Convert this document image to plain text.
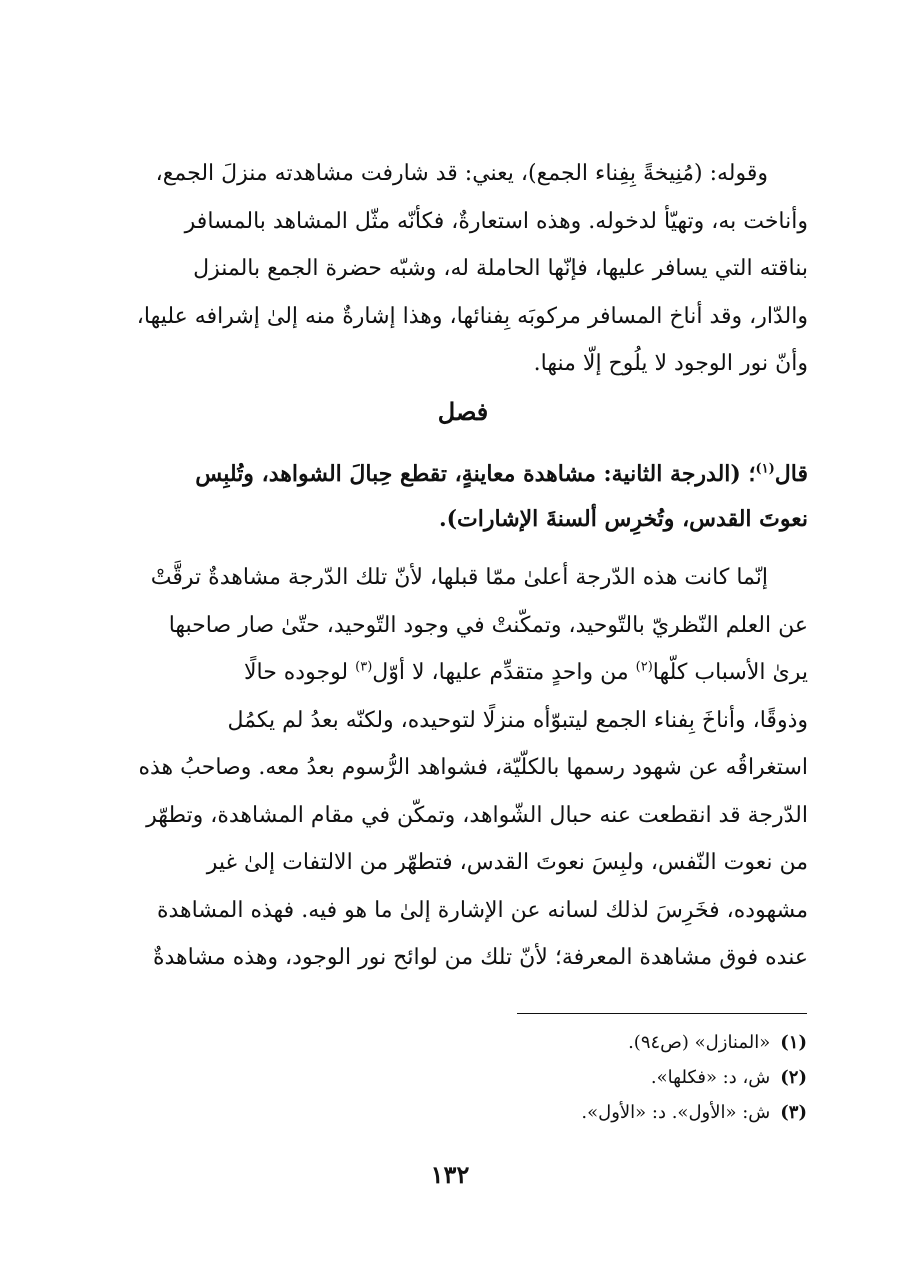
وقوله: (مُنِيخةً بِفِناء الجمع)، يعني: قد شارفت مشاهدته منزلَ الجمع،
وأناخت به، وتهيّأ لدخوله. وهذه استعارةٌ، فكأنّه مثّل المشاهد بالمسافر
بناقته التي يسافر عليها، فإنّها الحاملة له، وشبّه حضرة الجمع بالمنزل
والدّار، وقد أناخ المسافر مركوبَه بِفنائها، وهذا إشارةٌ منه إلىٰ إشرافه عليها،
وأنّ نور الوجود لا يلُوح إلّا منها.
فصل
قال$^{(١)}$؛ (الدرجة الثانية: مشاهدة معاينةٍ، تقطع حِبالَ الشواهد، وتُلبِس
نعوتَ القدس، وتُخرِس ألسنةَ الإشارات).
إنّما كانت هذه الدّرجة أعلىٰ ممّا قبلها، لأنّ تلك الدّرجة مشاهدةٌ ترقَّتْ
عن العلم النّظريّ بالتّوحيد، وتمكّنتْ في وجود التّوحيد، حتّىٰ صار صاحبها
يرىٰ الأسباب كلّها$^{(٢)}$ من واحدٍ متقدِّم عليها، لا أوّل$^{(٣)}$ لوجوده حالًا
وذوقًا، وأناخَ بِفناء الجمع ليتبوّأه منزلًا لتوحيده، ولكنّه بعدُ لم يكمُل
استغراقُه عن شهود رسمها بالكلّيّة، فشواهد الرُّسوم بعدُ معه. وصاحبُ هذه
الدّرجة قد انقطعت عنه حبال الشّواهد، وتمكّن في مقام المشاهدة، وتطهّر
من نعوت النّفس، ولبِسَ نعوتَ القدس، فتطهّر من الالتفات إلىٰ غير
مشهوده، فخَرِسَ لذلك لسانه عن الإشارة إلىٰ ما هو فيه. فهذه المشاهدة
عنده فوق مشاهدة المعرفة؛ لأنّ تلك من لوائح نور الوجود، وهذه مشاهدةٌ
(١)«المنازل» (ص٩٤).
(٢)ش، د: «فكلها».
(٣)ش: «الأول». د: «الأول».
١٣٢
